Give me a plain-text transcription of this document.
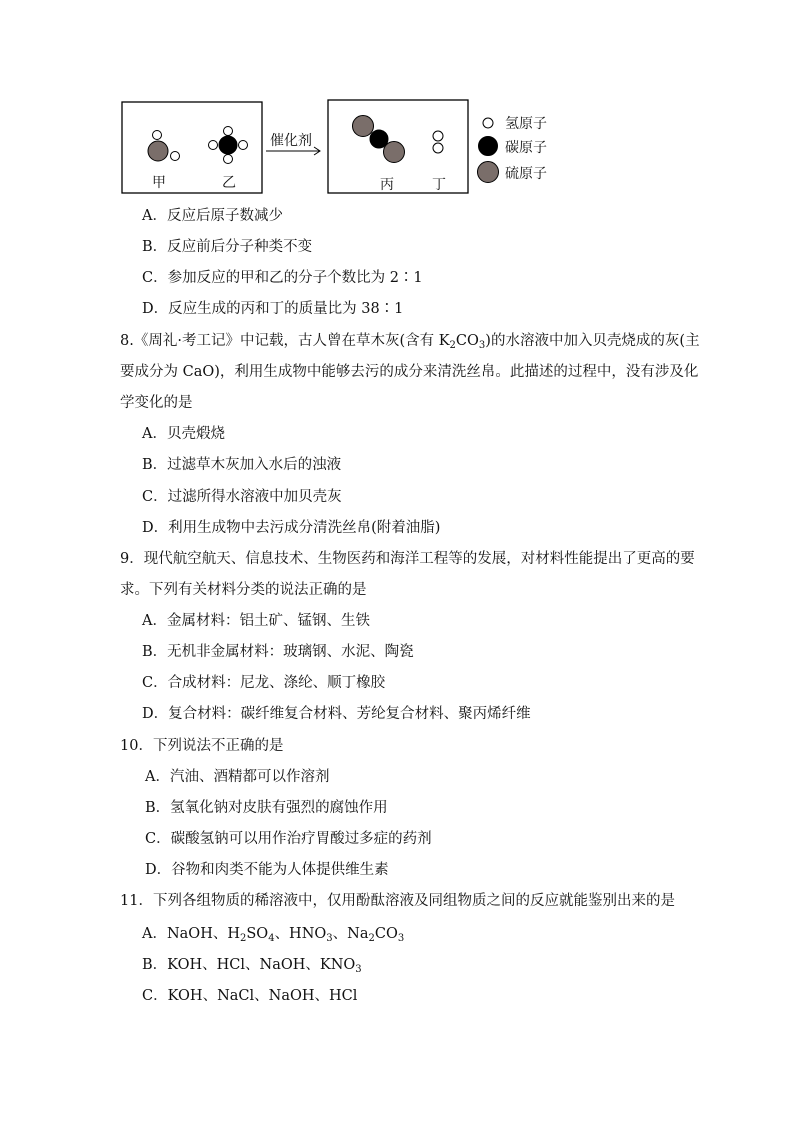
甲	乙
催化剂
丙	丁
氢原子
碳原子
硫原子
A．反应后原子数减少
B．反应前后分子种类不变
C．参加反应的甲和乙的分子个数比为 2∶1
D．反应生成的丙和丁的质量比为 38∶1
8.《周礼·考工记》中记载，古人曾在草木灰(含有 $K_2CO_3$)的水溶液中加入贝壳烧成的灰(主
要成分为 CaO)，利用生成物中能够去污的成分来清洗丝帛。此描述的过程中，没有涉及化
学变化的是
A．贝壳煅烧
B．过滤草木灰加入水后的浊液
C．过滤所得水溶液中加贝壳灰
D．利用生成物中去污成分清洗丝帛(附着油脂)
9．现代航空航天、信息技术、生物医药和海洋工程等的发展，对材料性能提出了更高的要
求。下列有关材料分类的说法正确的是
A．金属材料：铝土矿、锰钢、生铁
B．无机非金属材料：玻璃钢、水泥、陶瓷
C．合成材料：尼龙、涤纶、顺丁橡胶
D．复合材料：碳纤维复合材料、芳纶复合材料、聚丙烯纤维
10．下列说法不正确的是
A．汽油、酒精都可以作溶剂
B．氢氧化钠对皮肤有强烈的腐蚀作用
C．碳酸氢钠可以用作治疗胃酸过多症的药剂
D．谷物和肉类不能为人体提供维生素
11．下列各组物质的稀溶液中，仅用酚酞溶液及同组物质之间的反应就能鉴别出来的是
A．NaOH、$H_2SO_4$、$HNO_3$、$Na_2CO_3$
B．KOH、HCl、NaOH、$KNO_3$
C．KOH、NaCl、NaOH、HCl
